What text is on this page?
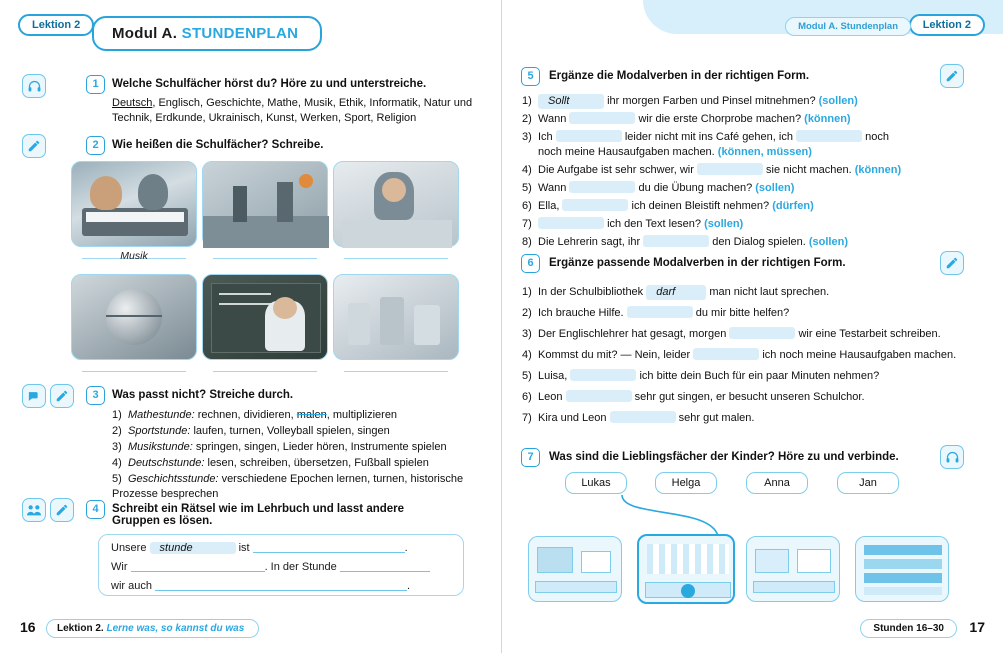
Lektion 2	Modul A. STUNDENPLAN
1	Welche Schulfächer hörst du? Höre zu und unterstreiche.
Deutsch, Englisch, Geschichte, Mathe, Musik, Ethik, Informatik, Natur und
Technik, Erdkunde, Ukrainisch, Kunst, Werken, Sport, Religion
2	Wie heißen die Schulfächer? Schreibe.
Musik
3	Was passt nicht? Streiche durch.
1) Mathestunde: rechnen, dividieren, malen, multiplizieren
2) Sportstunde: laufen, turnen, Volleyball spielen, singen
3) Musikstunde: springen, singen, Lieder hören, Instrumente spielen
4) Deutschstunde: lesen, schreiben, übersetzen, Fußball spielen
5) Geschichtsstunde: verschiedene Epochen lernen, turnen, historische Prozesse besprechen
4	Schreibt ein Rätsel wie im Lehrbuch und lasst andere Gruppen es lösen.
Unsere stunde	ist	.
Wir	. In der Stunde
wir auch	.
16	Lektion 2. Lerne was, so kannst du was
Lektion 2
Modul A. Stundenplan
5	Ergänze die Modalverben in der richtigen Form.
1) Sollt	ihr morgen Farben und Pinsel mitnehmen? (sollen)
2) Wann	wir die erste Chorprobe machen? (können)
3) Ich	leider nicht mit ins Café gehen, ich	noch
noch meine Hausaufgaben machen. (können, müssen)
4) Die Aufgabe ist sehr schwer, wir	sie nicht machen. (können)
5) Wann	du die Übung machen? (sollen)
6) Ella,	ich deinen Bleistift nehmen? (dürfen)
7)	ich den Text lesen? (sollen)
8) Die Lehrerin sagt, ihr	den Dialog spielen. (sollen)
6	Ergänze passende Modalverben in der richtigen Form.
1) In der Schulbibliothek darf	man nicht laut sprechen.
2) Ich brauche Hilfe.	du mir bitte helfen?
3) Der Englischlehrer hat gesagt, morgen	wir eine Testarbeit schreiben.
4) Kommst du mit? — Nein, leider	ich noch meine Hausaufgaben machen.
5) Luisa,	ich bitte dein Buch für ein paar Minuten nehmen?
6) Leon	sehr gut singen, er besucht unseren Schulchor.
7) Kira und Leon	sehr gut malen.
7	Was sind die Lieblingsfächer der Kinder? Höre zu und verbinde.
Lukas	Helga	Anna	Jan
Stunden 16–30	17
